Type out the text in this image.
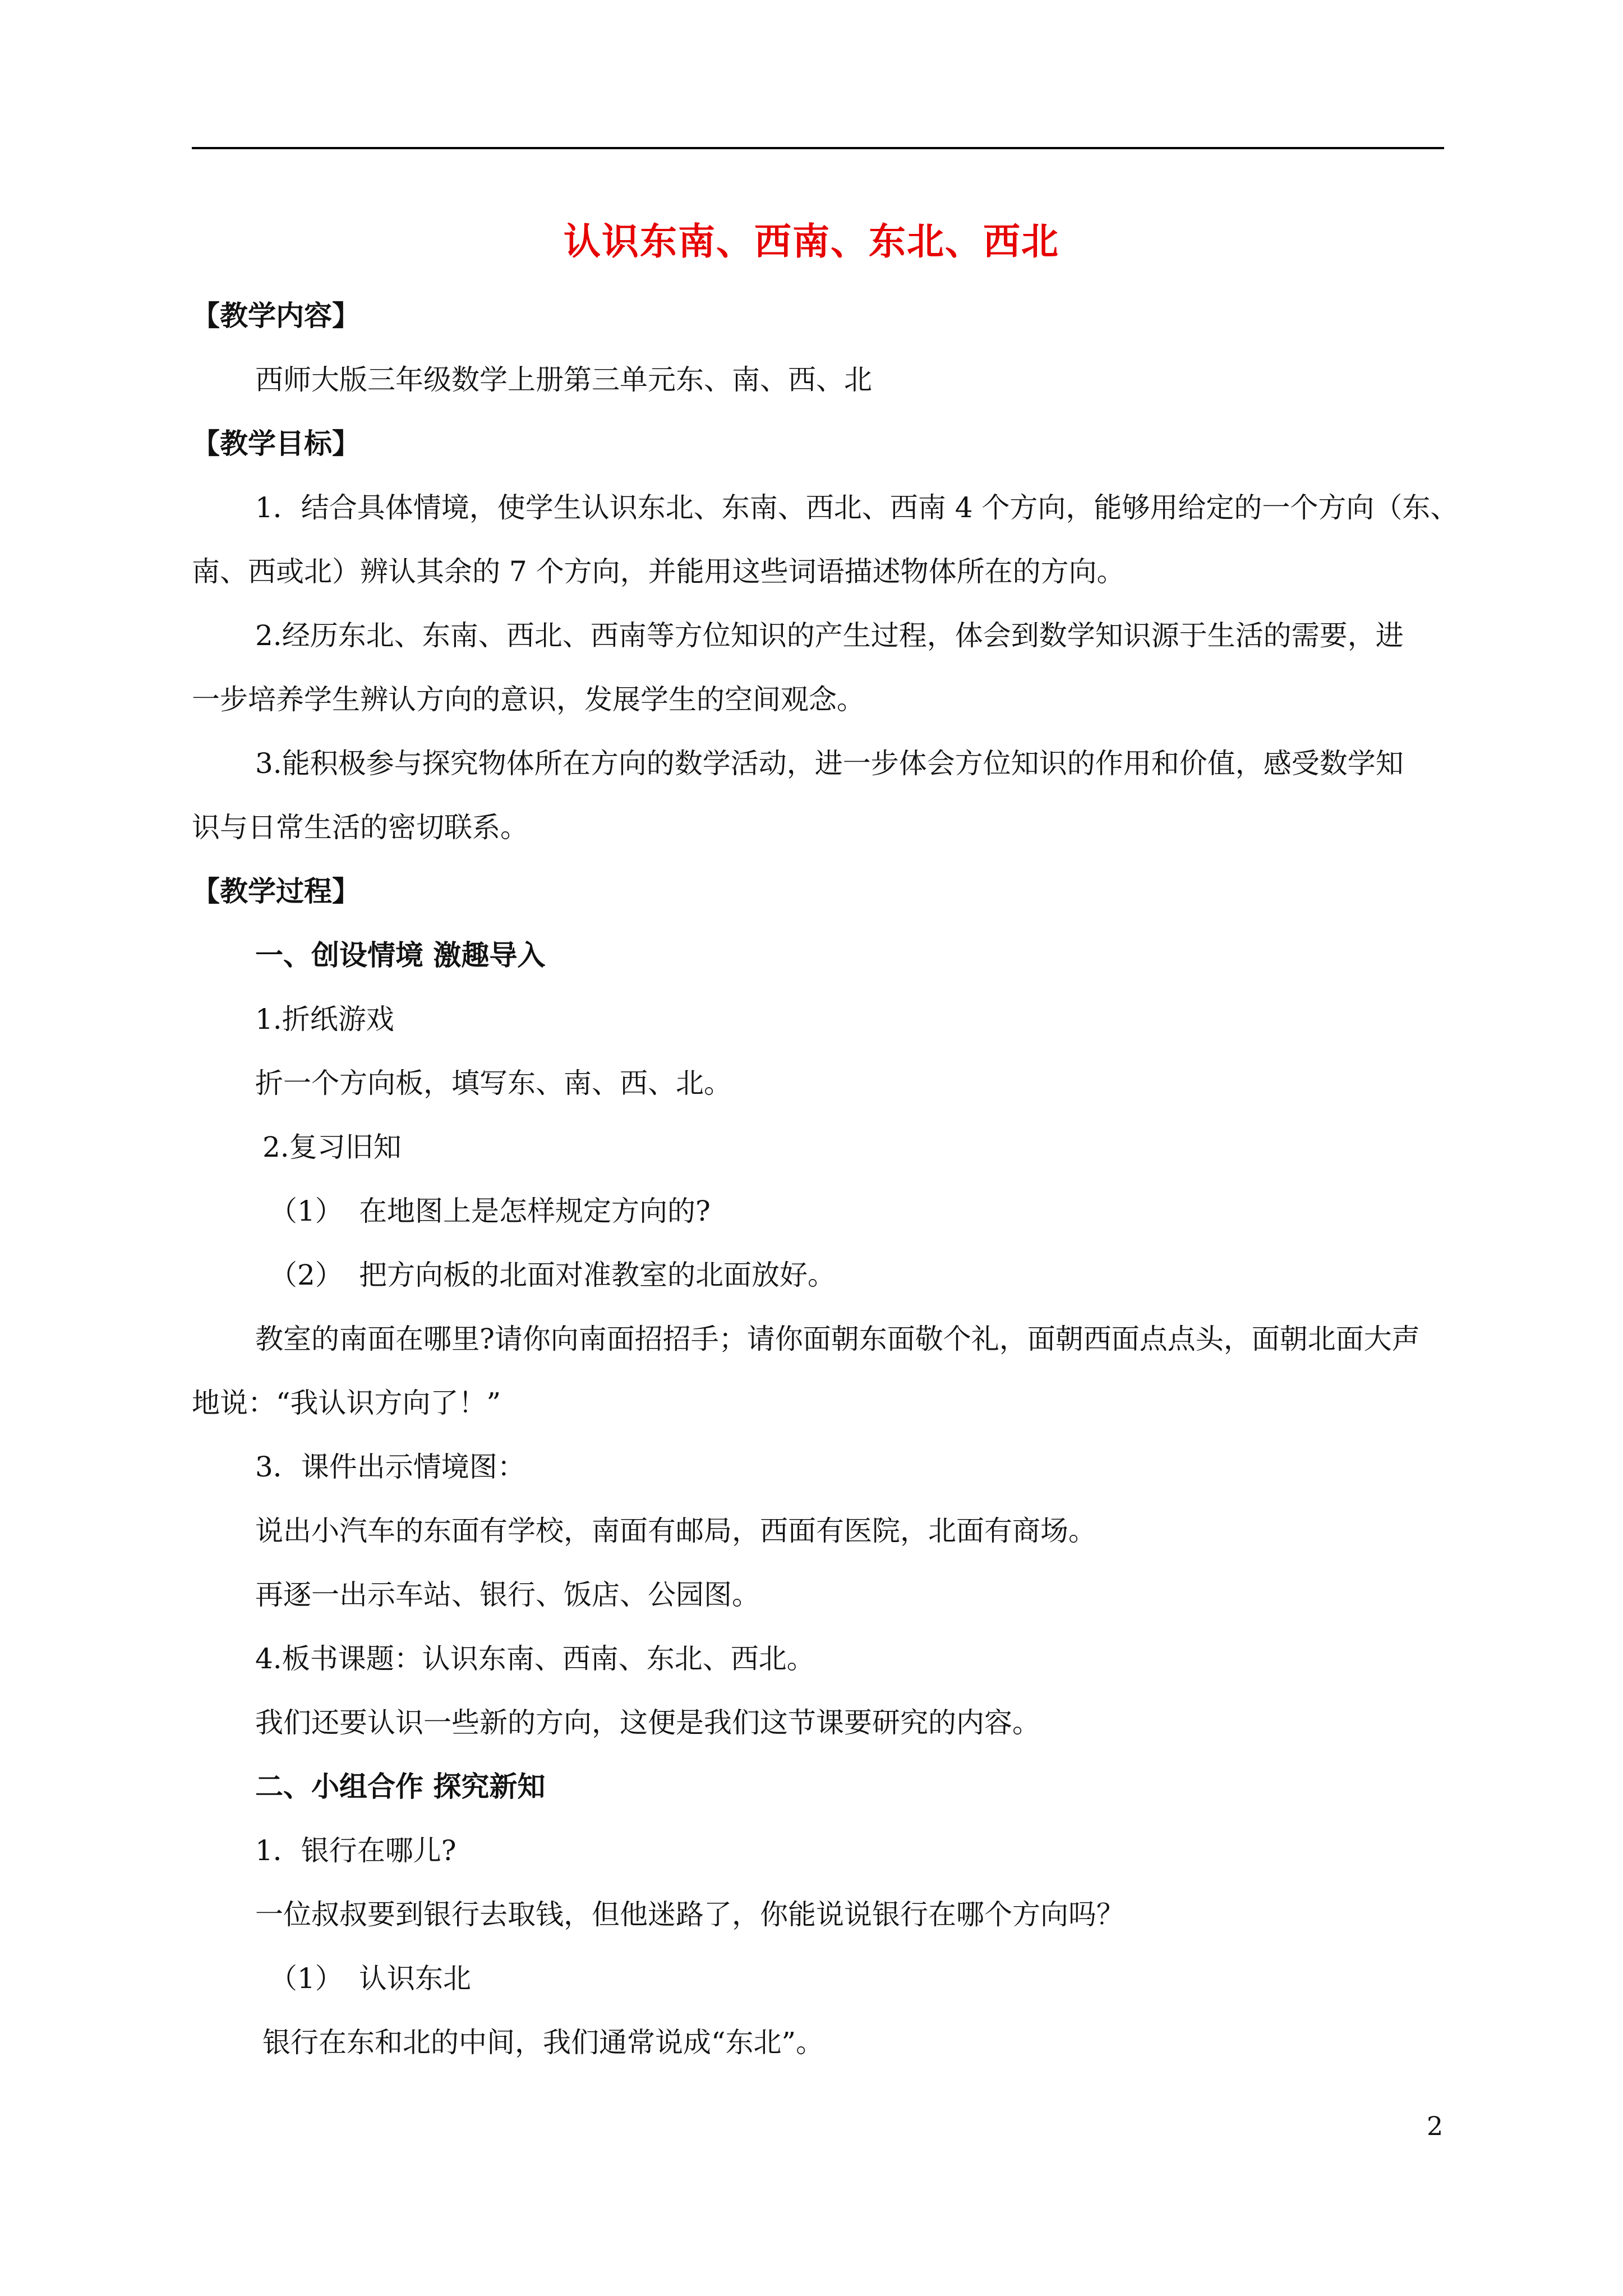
认识东南、西南、东北、西北
【教学内容】
西师大版三年级数学上册第三单元东、南、西、北
【教学目标】
1．结合具体情境，使学生认识东北、东南、西北、西南 4 个方向，能够用给定的一个方向（东、
南、西或北）辨认其余的 7 个方向，并能用这些词语描述物体所在的方向。
2.经历东北、东南、西北、西南等方位知识的产生过程，体会到数学知识源于生活的需要，进
一步培养学生辨认方向的意识，发展学生的空间观念。
3.能积极参与探究物体所在方向的数学活动，进一步体会方位知识的作用和价值，感受数学知
识与日常生活的密切联系。
【教学过程】
一、创设情境 激趣导入
1.折纸游戏
折一个方向板，填写东、南、西、北。
2.复习旧知
（1） 在地图上是怎样规定方向的?
（2） 把方向板的北面对准教室的北面放好。
教室的南面在哪里?请你向南面招招手；请你面朝东面敬个礼，面朝西面点点头，面朝北面大声
地说：“我认识方向了！”
3．课件出示情境图：
说出小汽车的东面有学校，南面有邮局，西面有医院，北面有商场。
再逐一出示车站、银行、饭店、公园图。
4.板书课题：认识东南、西南、东北、西北。
我们还要认识一些新的方向，这便是我们这节课要研究的内容。
二、小组合作 探究新知
1．银行在哪儿?
一位叔叔要到银行去取钱，但他迷路了，你能说说银行在哪个方向吗？
（1） 认识东北
银行在东和北的中间，我们通常说成“东北”。
2
